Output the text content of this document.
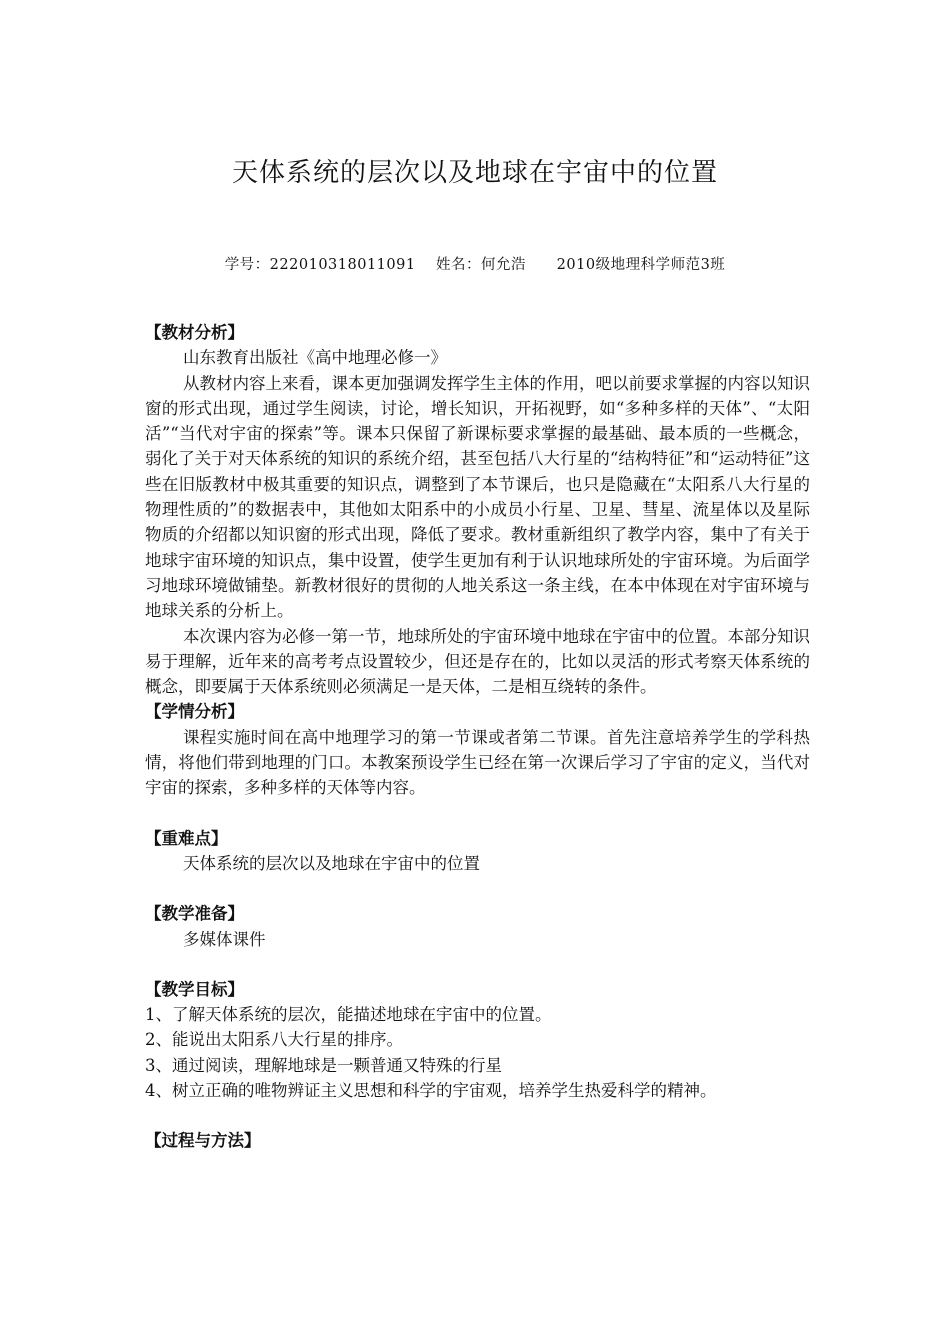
天体系统的层次以及地球在宇宙中的位置
学号：222010318011091 姓名：何允浩 2010级地理科学师范3班

【教材分析】

山东教育出版社《高中地理必修一》

从教材内容上来看，课本更加强调发挥学生主体的作用，吧以前要求掌握的内容以知识窗的形式出现，通过学生阅读，讨论，增长知识，开拓视野，如“多种多样的天体”、“太阳活”“当代对宇宙的探索”等。课本只保留了新课标要求掌握的最基础、最本质的一些概念，弱化了关于对天体系统的知识的系统介绍，甚至包括八大行星的“结构特征”和“运动特征”这些在旧版教材中极其重要的知识点，调整到了本节课后，也只是隐藏在“太阳系八大行星的物理性质的”的数据表中，其他如太阳系中的小成员小行星、卫星、彗星、流星体以及星际物质的介绍都以知识窗的形式出现，降低了要求。教材重新组织了教学内容，集中了有关于地球宇宙环境的知识点，集中设置，使学生更加有利于认识地球所处的宇宙环境。为后面学习地球环境做铺垫。新教材很好的贯彻的人地关系这一条主线，在本中体现在对宇宙环境与地球关系的分析上。

本次课内容为必修一第一节，地球所处的宇宙环境中地球在宇宙中的位置。本部分知识易于理解，近年来的高考考点设置较少，但还是存在的，比如以灵活的形式考察天体系统的概念，即要属于天体系统则必须满足一是天体，二是相互绕转的条件。

【学情分析】

课程实施时间在高中地理学习的第一节课或者第二节课。首先注意培养学生的学科热情，将他们带到地理的门口。本教案预设学生已经在第一次课后学习了宇宙的定义，当代对宇宙的探索，多种多样的天体等内容。

【重难点】

天体系统的层次以及地球在宇宙中的位置

【教学准备】

多媒体课件

【教学目标】

1、了解天体系统的层次，能描述地球在宇宙中的位置。

2、能说出太阳系八大行星的排序。

3、通过阅读，理解地球是一颗普通又特殊的行星

4、树立正确的唯物辨证主义思想和科学的宇宙观，培养学生热爱科学的精神。

【过程与方法】
